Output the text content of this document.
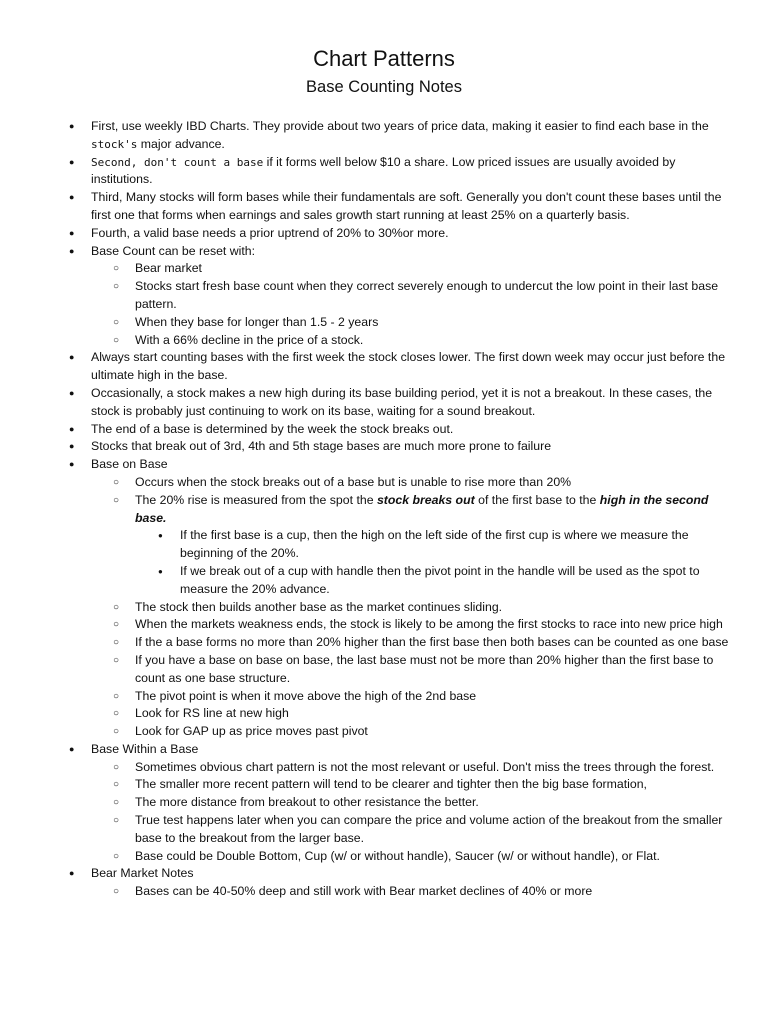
Chart Patterns
Base Counting Notes
● First, use weekly IBD Charts. They provide about two years of price data, making it easier to find each base in the stock's major advance.
● Second, don't count a base if it forms well below $10 a share. Low priced issues are usually avoided by institutions.
● Third, Many stocks will form bases while their fundamentals are soft. Generally you don't count these bases until the first one that forms when earnings and sales growth start running at least 25% on a quarterly basis.
● Fourth, a valid base needs a prior uptrend of 20% to 30%or more.
● Base Count can be reset with:
○ Bear market
○ Stocks start fresh base count when they correct severely enough to undercut the low point in their last base pattern.
○ When they base for longer than 1.5 - 2 years
○ With a 66% decline in the price of a stock.
● Always start counting bases with the first week the stock closes lower. The first down week may occur just before the ultimate high in the base.
● Occasionally, a stock makes a new high during its base building period, yet it is not a breakout. In these cases, the stock is probably just continuing to work on its base, waiting for a sound breakout.
● The end of a base is determined by the week the stock breaks out.
● Stocks that break out of 3rd, 4th and 5th stage bases are much more prone to failure
● Base on Base
○ Occurs when the stock breaks out of a base but is unable to rise more than 20%
○ The 20% rise is measured from the spot the stock breaks out of the first base to the high in the second base.
● If the first base is a cup, then the high on the left side of the first cup is where we measure the beginning of the 20%.
● If we break out of a cup with handle then the pivot point in the handle will be used as the spot to measure the 20% advance.
○ The stock then builds another base as the market continues sliding.
○ When the markets weakness ends, the stock is likely to be among the first stocks to race into new price high
○ If the a base forms no more than 20% higher than the first base then both bases can be counted as one base
○ If you have a base on base on base, the last base must not be more than 20% higher than the first base to count as one base structure.
○ The pivot point is when it move above the high of the 2nd base
○ Look for RS line at new high
○ Look for GAP up as price moves past pivot
● Base Within a Base
○ Sometimes obvious chart pattern is not the most relevant or useful. Don't miss the trees through the forest.
○ The smaller more recent pattern will tend to be clearer and tighter then the big base formation,
○ The more distance from breakout to other resistance the better.
○ True test happens later when you can compare the price and volume action of the breakout from the smaller base to the breakout from the larger base.
○ Base could be Double Bottom, Cup (w/ or without handle), Saucer (w/ or without handle), or Flat.
● Bear Market Notes
○ Bases can be 40-50% deep and still work with Bear market declines of 40% or more
